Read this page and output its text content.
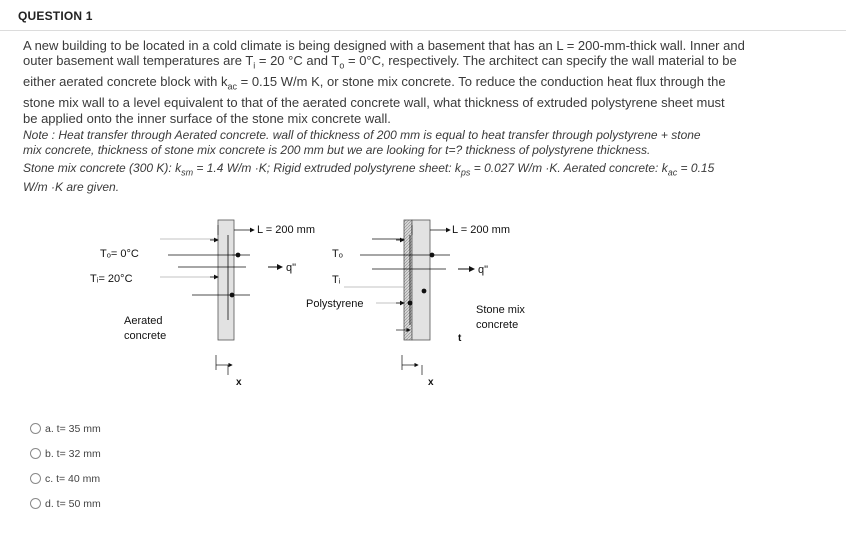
QUESTION 1

A new building to be located in a cold climate is being designed with a basement that has an L = 200-mm-thick wall. Inner and

outer basement wall temperatures are $T_i = 20$ °C and $T_o = 0^\circ C$, respectively. The architect can specify the wall material to be

either aerated concrete block with $k_{ac} = 0.15$ W/m K, or stone mix concrete. To reduce the conduction heat flux through the

stone mix wall to a level equivalent to that of the aerated concrete wall, what thickness of extruded polystyrene sheet must

be applied onto the inner surface of the stone mix concrete wall.

Note : Heat transfer through Aerated concrete. wall of thickness of 200 mm is equal to heat transfer through polystyrene + stone

mix concrete, thickness of stone mix concrete is 200 mm but we are looking for t=? thickness of polystyrene thickness.

Stone mix concrete (300 K): $k_{sm} = 1.4$ W/m ·K; Rigid extruded polystyrene sheet: $k_{ps} = 0.027$ W/m ·K. Aerated concrete: $k_{ac} = 0.15$

W/m ·K are given.

L = 200 mm
Tₒ= 0°C
Tᵢ= 20°C
q"
Aerated
concrete
x
L = 200 mm
Tₒ
Tᵢ
Polystyrene
q"
Stone mix
concrete
t
x
a. t= 35 mm
b. t= 32 mm
c. t= 40 mm
d. t= 50 mm
